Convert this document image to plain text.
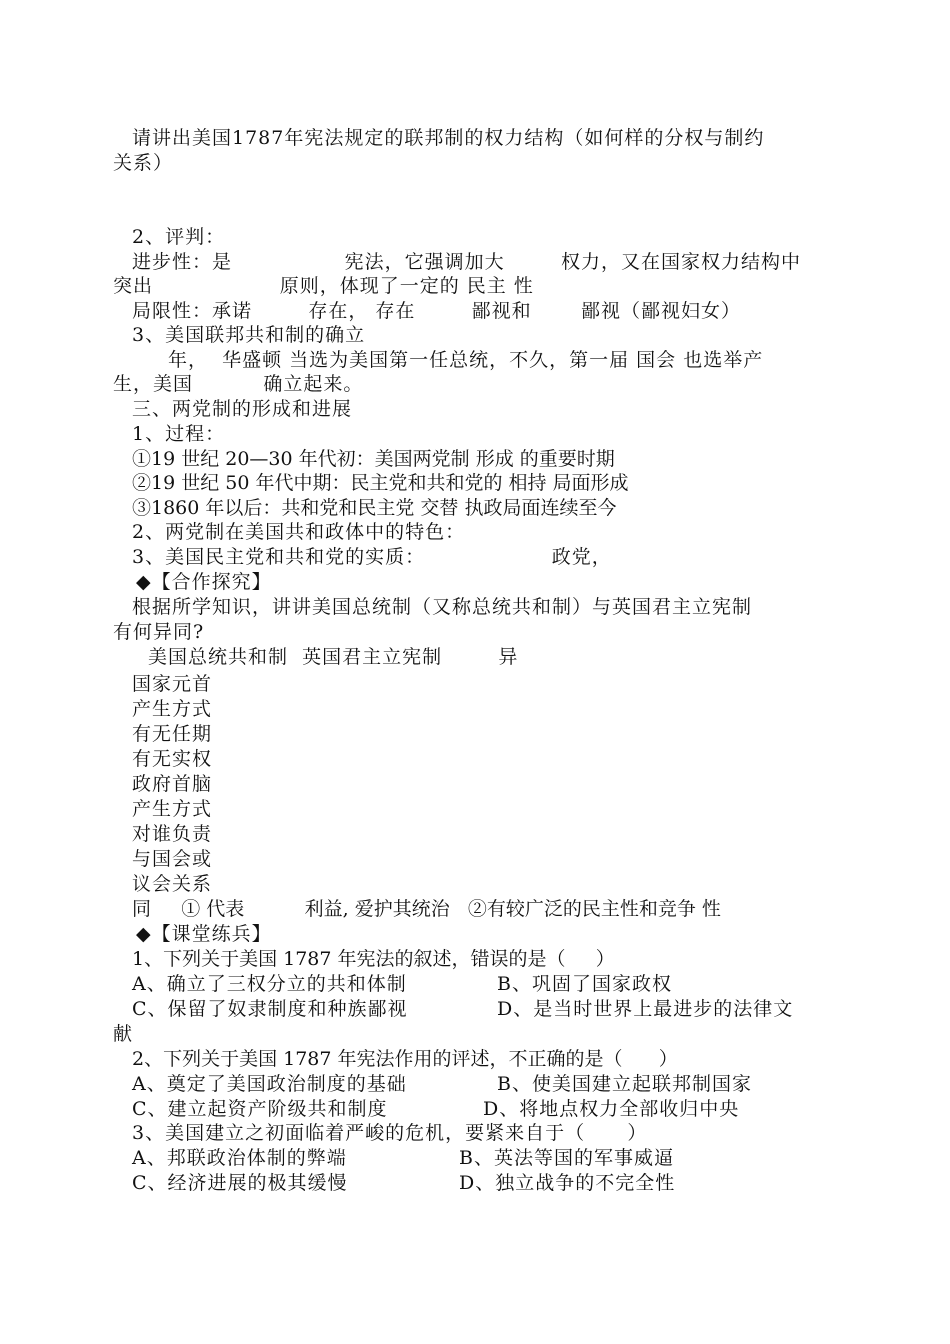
请讲出美国1787年宪法规定的联邦制的权力结构（如何样的分权与制约
关系）
2、评判：
进步性：是                宪法，它强调加大        权力，又在国家权力结构中
突出                  原则，体现了一定的 民主 性
局限性：承诺        存在， 存在        鄙视和       鄙视（鄙视妇女）
3、美国联邦共和制的确立
年，  华盛顿 当选为美国第一任总统，不久，第一届 国会 也选举产
生，美国          确立起来。
三、两党制的形成和进展
1、过程：
①19 世纪 20—30 年代初：美国两党制 形成 的重要时期
②19 世纪 50 年代中期：民主党和共和党的 相持 局面形成
③1860 年以后：共和党和民主党 交替 执政局面连续至今
2、两党制在美国共和政体中的特色：
3、美国民主党和共和党的实质：                  政党，
◆【合作探究】
根据所学知识，讲讲美国总统制（又称总统共和制）与英国君主立宪制
有何异同?
美国总统共和制  英国君主立宪制        异
国家元首
产生方式
有无任期
有无实权
政府首脑
产生方式
对谁负责
与国会或
议会关系
同     ① 代表          利益, 爱护其统治   ②有较广泛的民主性和竞争 性
◆【课堂练兵】
1、下列关于美国 1787 年宪法的叙述，错误的是（     ）
A、确立了三权分立的共和体制	B、巩固了国家政权
C、保留了奴隶制度和种族鄙视	D、是当时世界上最进步的法律文
献
2、下列关于美国 1787 年宪法作用的评述，不正确的是（      ）
A、奠定了美国政治制度的基础	B、使美国建立起联邦制国家
C、建立起资产阶级共和制度	D、将地点权力全部收归中央
3、美国建立之初面临着严峻的危机，要紧来自于（      ）
A、邦联政治体制的弊端	B、英法等国的军事威逼
C、经济进展的极其缓慢	D、独立战争的不完全性
